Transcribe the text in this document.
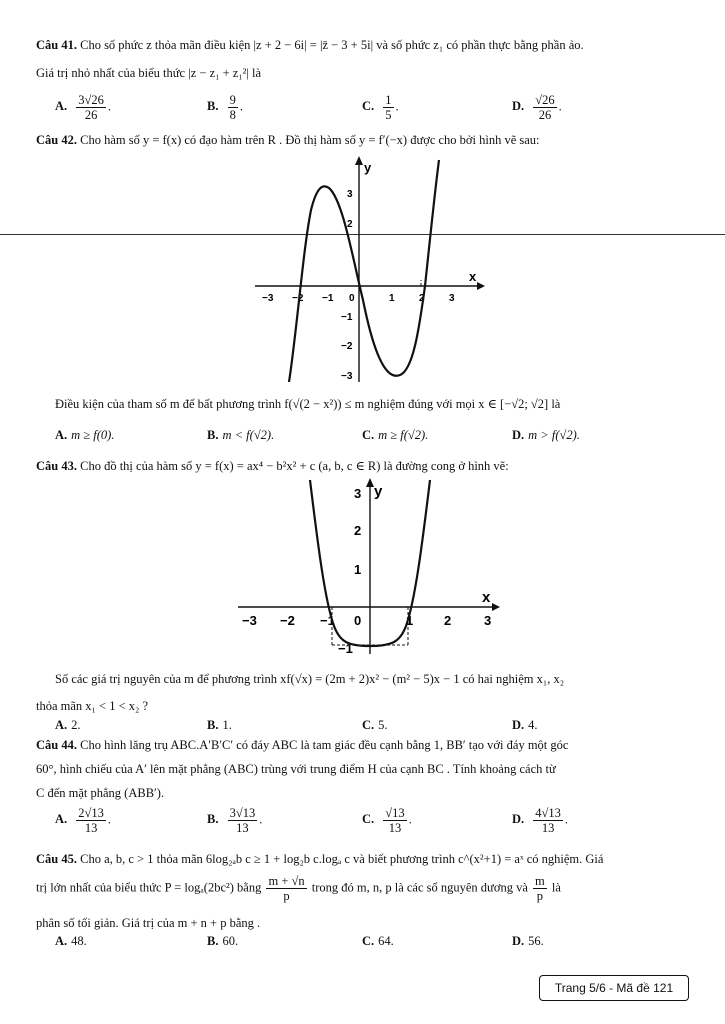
Câu 41. Cho số phức z thỏa mãn điều kiện |z + 2 − 6i| = |z̄ − 3 + 5i| và số phức z₁ có phần thực bằng phần ảo.
Giá trị nhỏ nhất của biểu thức |z − z₁ + z₁²| là
A. $\frac{3√26}{26}$ .	B. $\frac{9}{8}$ .	C. $\frac{1}{5}$ .	D. $\frac{√26}{26}$ .
Câu 42. Cho hàm số y = f(x) có đạo hàm trên R . Đồ thị hàm số y = f′(−x) được cho bởi hình vẽ sau:
x
y
−3 −2 −1 0	1 2 3
3
2
−1
−2
−3
Điều kiện của tham số m để bất phương trình f(√(2 − x²)) ≤ m nghiệm đúng với mọi x ∈ [−√2; √2] là
A. m ≥ f(0).	B. m < f(√2).	C. m ≥ f(√2).	D. m > f(√2).
Câu 43. Cho đồ thị của hàm số y = f(x) = ax⁴ − b²x² + c (a, b, c ∈ R) là đường cong ở hình vẽ:
x
y
−3 −2 −1 0	1 2	3
3
2
1
−1
Số các giá trị nguyên của m để phương trình xf(√x) = (2m + 2)x² − (m² − 5)x − 1 có hai nghiệm x₁, x₂
thỏa mãn x₁ < 1 < x₂ ?
A. 2.	B. 1.	C. 5.	D. 4.
Câu 44. Cho hình lăng trụ ABC.A′B′C′ có đáy ABC là tam giác đều cạnh bằng 1, BB′ tạo với đáy một góc
60°, hình chiếu của A′ lên mặt phẳng (ABC) trùng với trung điểm H của cạnh BC . Tính khoảng cách từ
C đến mặt phẳng (ABB′).
A. $\frac{2√13}{13}$ .	B. $\frac{3√13}{13}$ .	C. $\frac{√13}{13}$ .	D. $\frac{4√13}{13}$ .
Câu 45. Cho a, b, c > 1 thỏa mãn 6log₂ₐb c ≥ 1 + log₂b c.logₐ c và biết phương trình c^(x²+1) = aˣ có nghiệm. Giá
trị lớn nhất của biểu thức P = logₐ(2bc²) bằng $\frac{m + √n}{p}$ trong đó m, n, p là các số nguyên dương và $\frac{m}{p}$ là
phân số tối giản. Giá trị của m + n + p bằng .
A. 48.	B. 60.	C. 64.	D. 56.
Trang 5/6 - Mã đề 121
